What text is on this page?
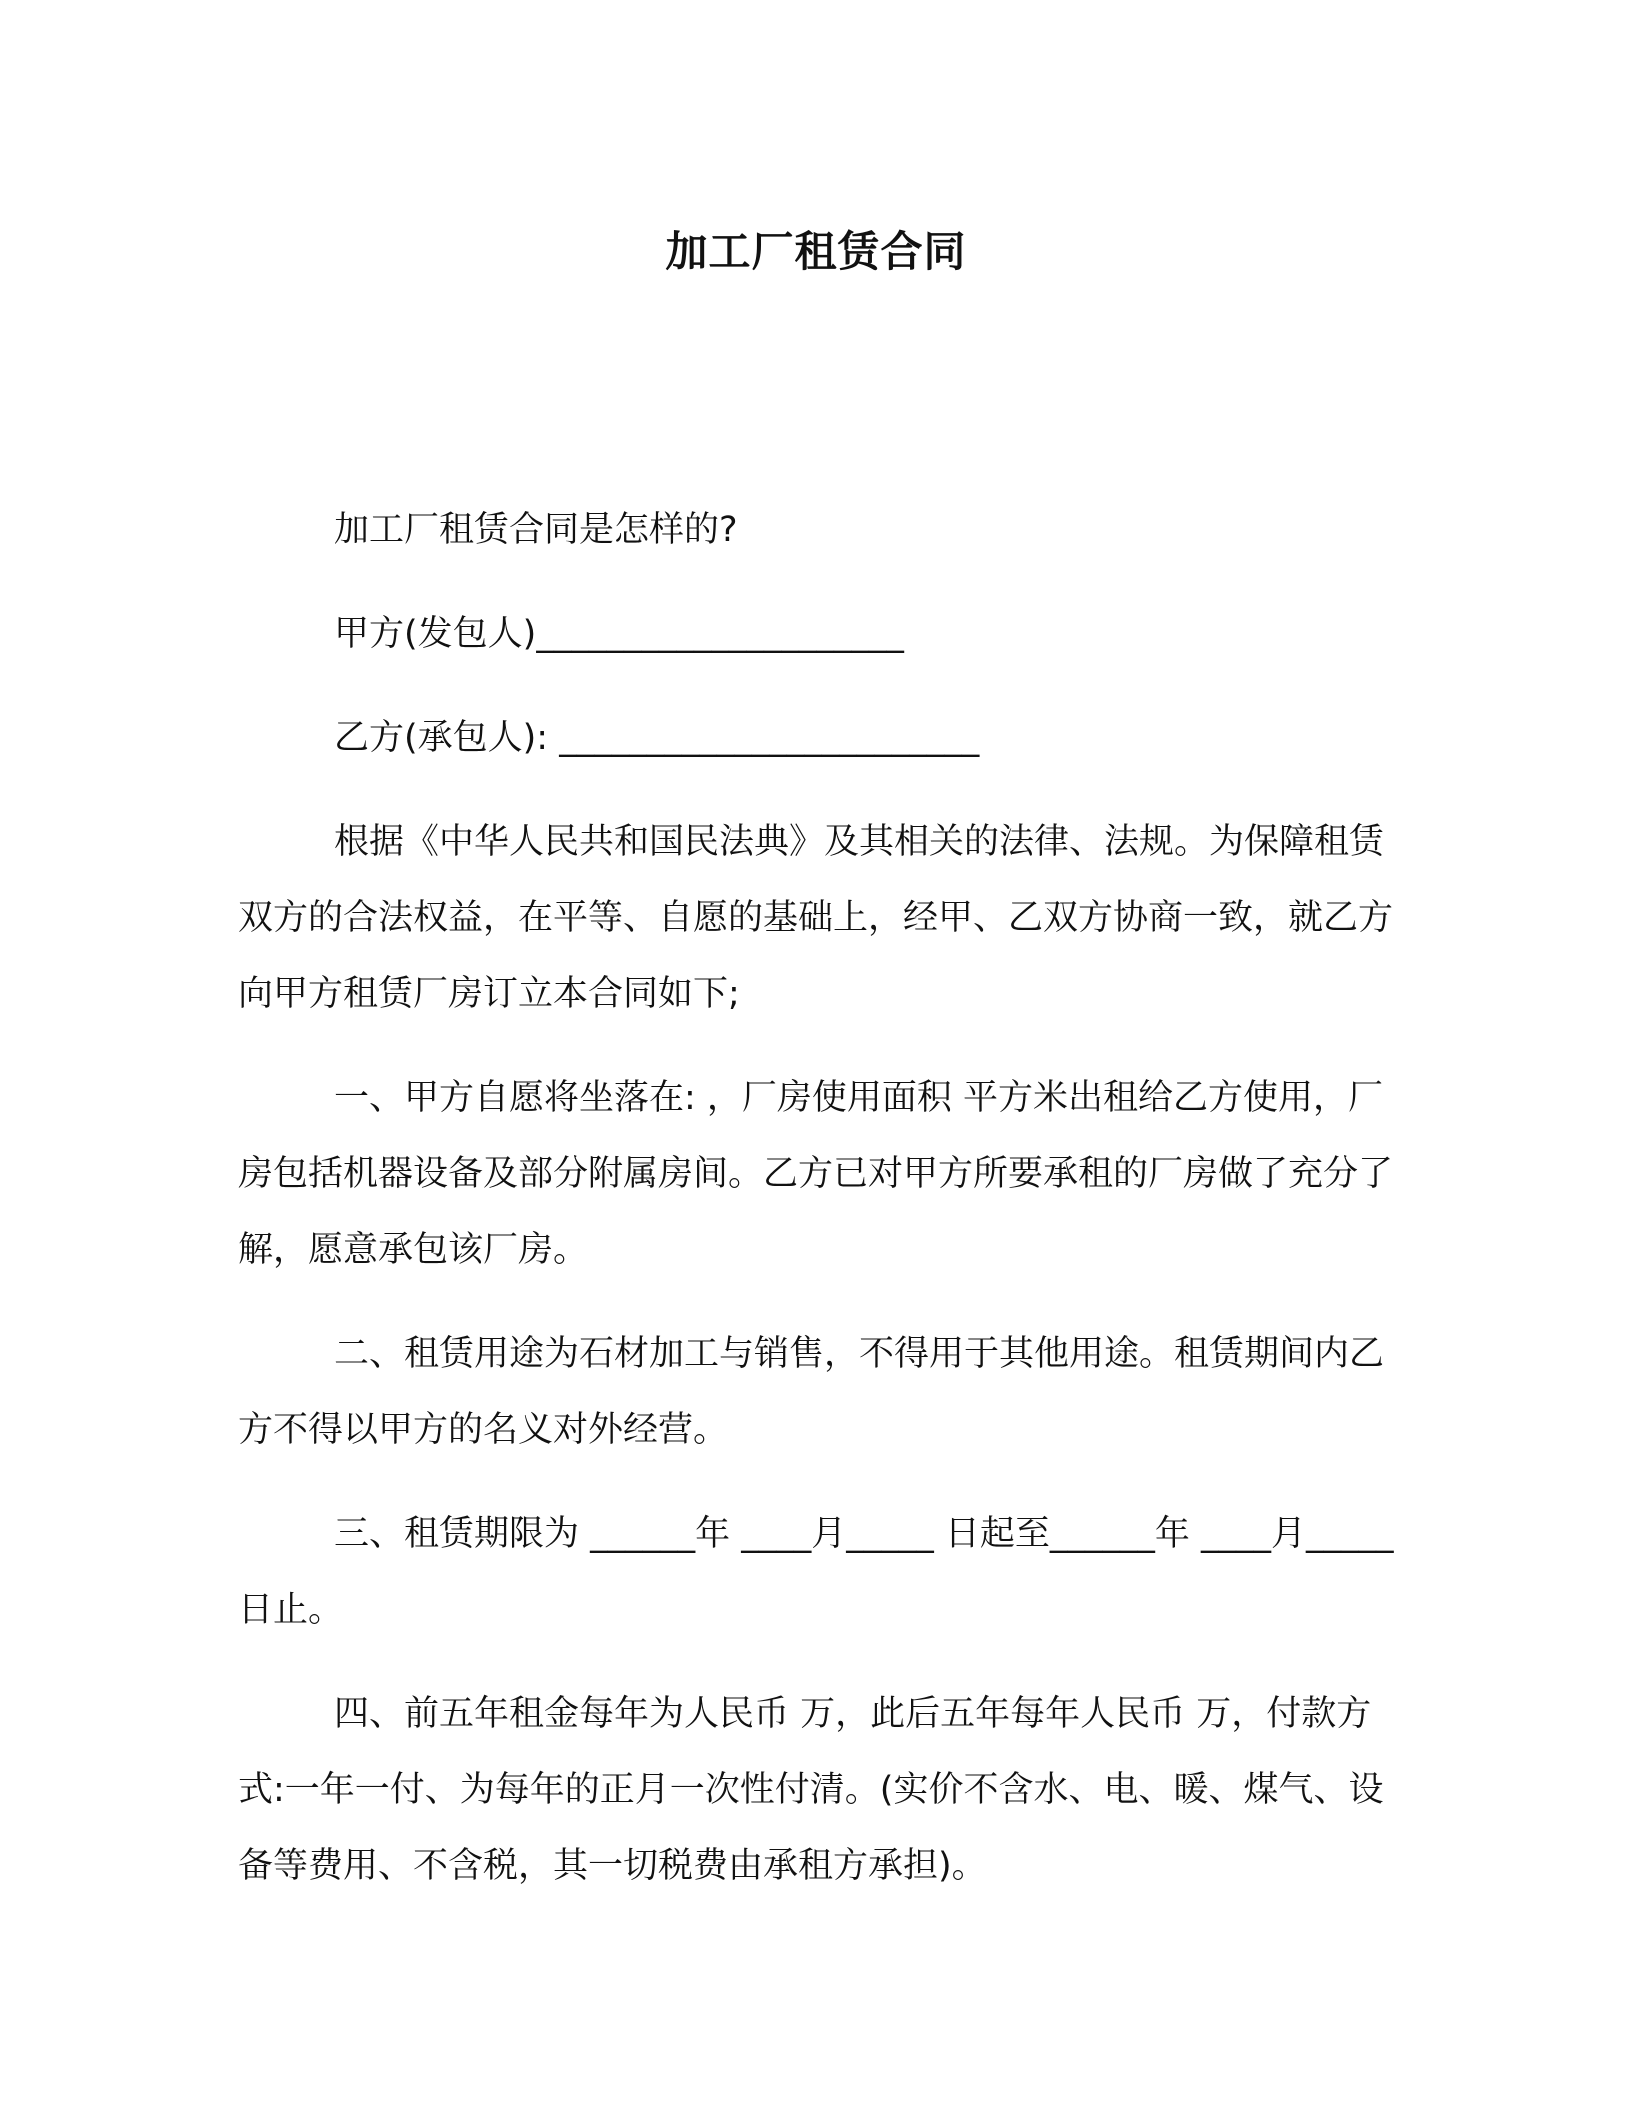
加工厂租赁合同

加工厂租赁合同是怎样的?

甲方(发包人)_____________________

乙方(承包人): ________________________

根据《中华人民共和国民法典》及其相关的法律、法规。为保障租赁双方的合法权益，在平等、自愿的基础上，经甲、乙双方协商一致，就乙方向甲方租赁厂房订立本合同如下;

一、甲方自愿将坐落在: ，厂房使用面积 平方米出租给乙方使用，厂房包括机器设备及部分附属房间。乙方已对甲方所要承租的厂房做了充分了解，愿意承包该厂房。

二、租赁用途为石材加工与销售，不得用于其他用途。租赁期间内乙方不得以甲方的名义对外经营。

三、租赁期限为 ______年 ____月_____ 日起至______年 ____月_____ 日止。

四、前五年租金每年为人民币 万，此后五年每年人民币 万，付款方式:一年一付、为每年的正月一次性付清。(实价不含水、电、暖、煤气、设备等费用、不含税，其一切税费由承租方承担)。
